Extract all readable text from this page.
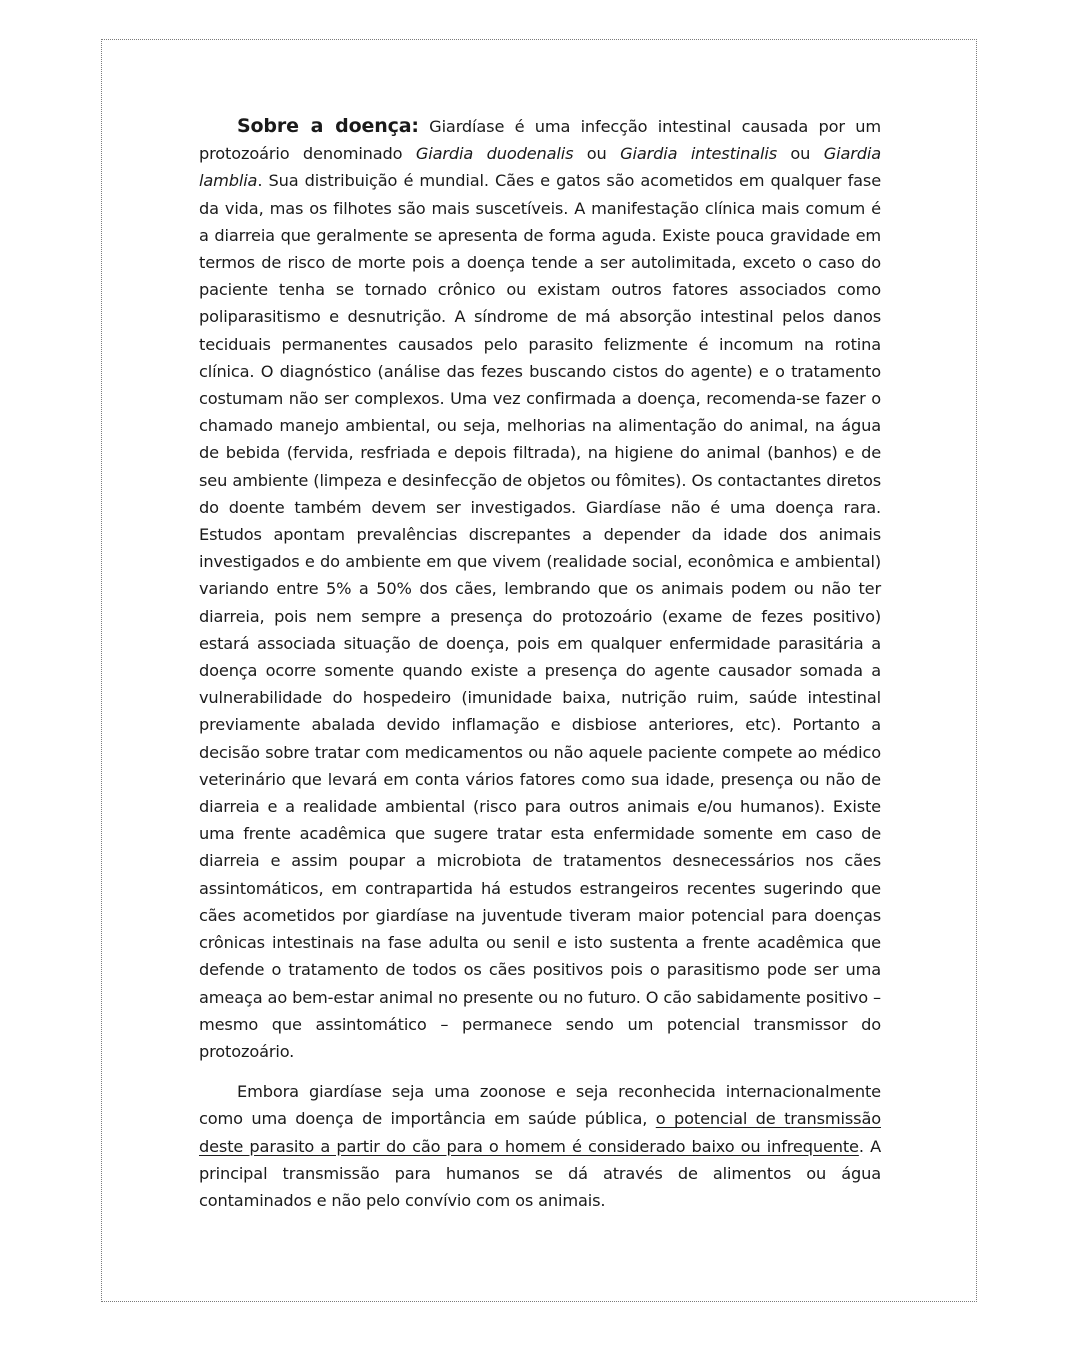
Sobre a doença: Giardíase é uma infecção intestinal causada por um protozoário denominado Giardia duodenalis ou Giardia intestinalis ou Giardia lamblia. Sua distribuição é mundial. Cães e gatos são acometidos em qualquer fase da vida, mas os filhotes são mais suscetíveis. A manifestação clínica mais comum é a diarreia que geralmente se apresenta de forma aguda. Existe pouca gravidade em termos de risco de morte pois a doença tende a ser autolimitada, exceto o caso do paciente tenha se tornado crônico ou existam outros fatores associados como poliparasitismo e desnutrição. A síndrome de má absorção intestinal pelos danos teciduais permanentes causados pelo parasito felizmente é incomum na rotina clínica. O diagnóstico (análise das fezes buscando cistos do agente) e o tratamento costumam não ser complexos. Uma vez confirmada a doença, recomenda-se fazer o chamado manejo ambiental, ou seja, melhorias na alimentação do animal, na água de bebida (fervida, resfriada e depois filtrada), na higiene do animal (banhos) e de seu ambiente (limpeza e desinfecção de objetos ou fômites). Os contactantes diretos do doente também devem ser investigados. Giardíase não é uma doença rara. Estudos apontam prevalências discrepantes a depender da idade dos animais investigados e do ambiente em que vivem (realidade social, econômica e ambiental) variando entre 5% a 50% dos cães, lembrando que os animais podem ou não ter diarreia, pois nem sempre a presença do protozoário (exame de fezes positivo) estará associada situação de doença, pois em qualquer enfermidade parasitária a doença ocorre somente quando existe a presença do agente causador somada a vulnerabilidade do hospedeiro (imunidade baixa, nutrição ruim, saúde intestinal previamente abalada devido inflamação e disbiose anteriores, etc). Portanto a decisão sobre tratar com medicamentos ou não aquele paciente compete ao médico veterinário que levará em conta vários fatores como sua idade, presença ou não de diarreia e a realidade ambiental (risco para outros animais e/ou humanos). Existe uma frente acadêmica que sugere tratar esta enfermidade somente em caso de diarreia e assim poupar a microbiota de tratamentos desnecessários nos cães assintomáticos, em contrapartida há estudos estrangeiros recentes sugerindo que cães acometidos por giardíase na juventude tiveram maior potencial para doenças crônicas intestinais na fase adulta ou senil e isto sustenta a frente acadêmica que defende o tratamento de todos os cães positivos pois o parasitismo pode ser uma ameaça ao bem-estar animal no presente ou no futuro. O cão sabidamente positivo – mesmo que assintomático – permanece sendo um potencial transmissor do protozoário.

Embora giardíase seja uma zoonose e seja reconhecida internacionalmente como uma doença de importância em saúde pública, o potencial de transmissão deste parasito a partir do cão para o homem é considerado baixo ou infrequente. A principal transmissão para humanos se dá através de alimentos ou água contaminados e não pelo convívio com os animais.
